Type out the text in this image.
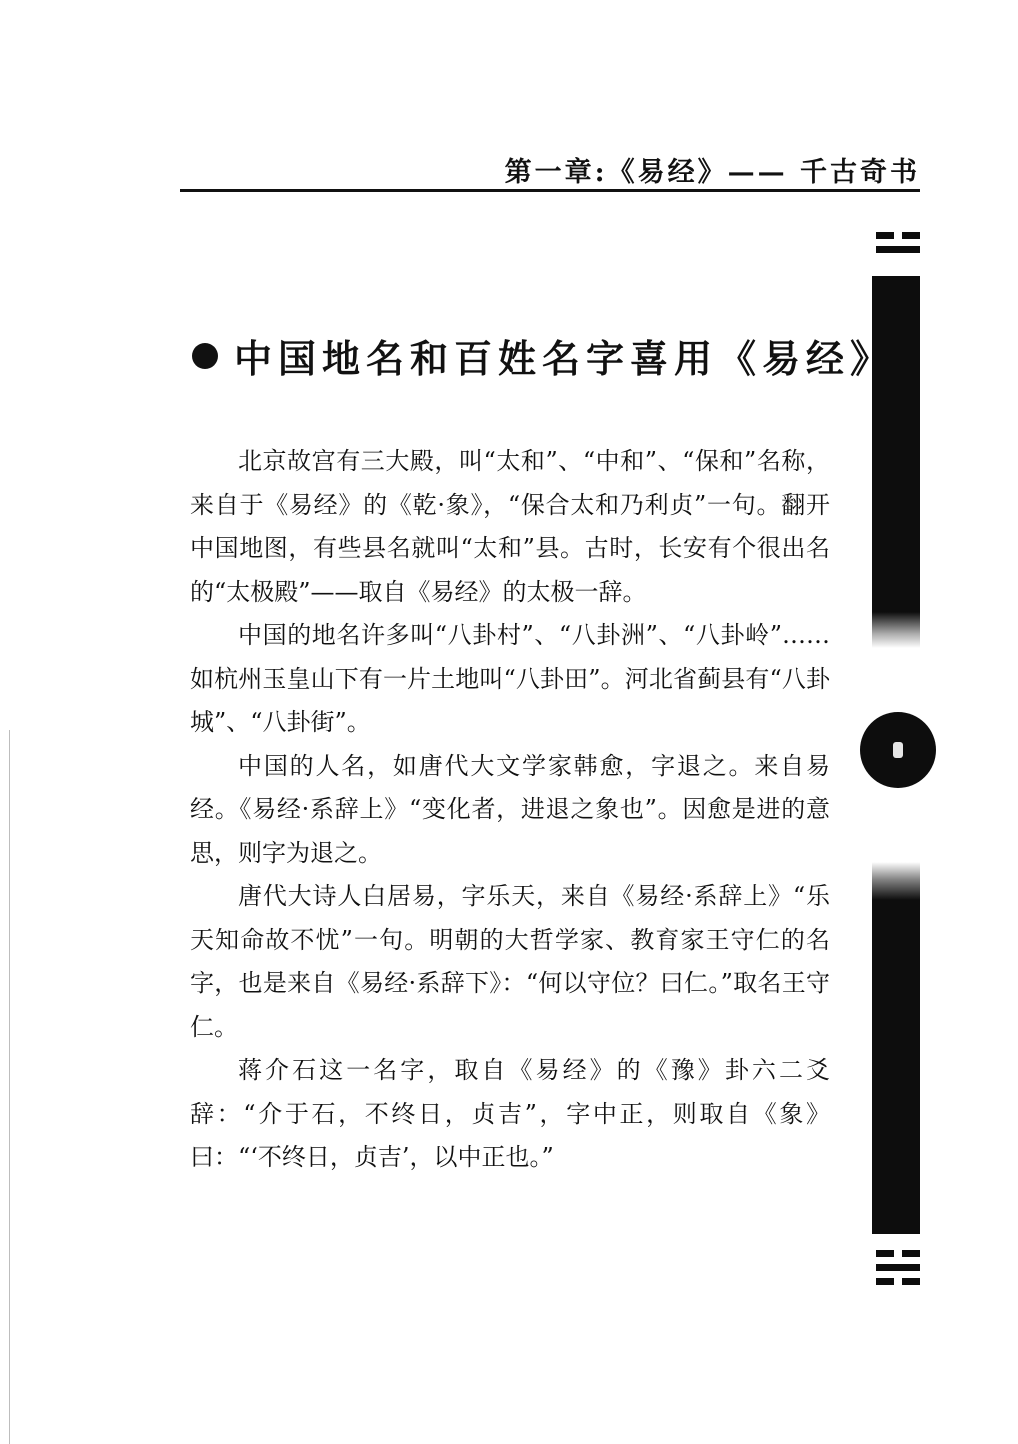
第一章:《易经》—— 千古奇书
中国地名和百姓名字喜用《易经》

北京故宫有三大殿，叫“太和”、“中和”、“保和”名称，来自于《易经》的《乾·象》，“保合太和乃利贞”一句。翻开中国地图，有些县名就叫“太和”县。古时，长安有个很出名的“太极殿”——取自《易经》的太极一辞。

中国的地名许多叫“八卦村”、“八卦洲”、“八卦岭”……如杭州玉皇山下有一片土地叫“八卦田”。河北省蓟县有“八卦城”、“八卦街”。

中国的人名，如唐代大文学家韩愈，字退之。来自易经。《易经·系辞上》“变化者，进退之象也”。因愈是进的意思，则字为退之。

唐代大诗人白居易，字乐天，来自《易经·系辞上》“乐天知命故不忧”一句。明朝的大哲学家、教育家王守仁的名字，也是来自《易经·系辞下》：“何以守位？曰仁。”取名王守仁。

蒋介石这一名字，取自《易经》的《豫》卦六二爻辞：“介于石，不终日，贞吉”，字中正，则取自《象》曰：“‘不终日，贞吉’，以中正也。”
